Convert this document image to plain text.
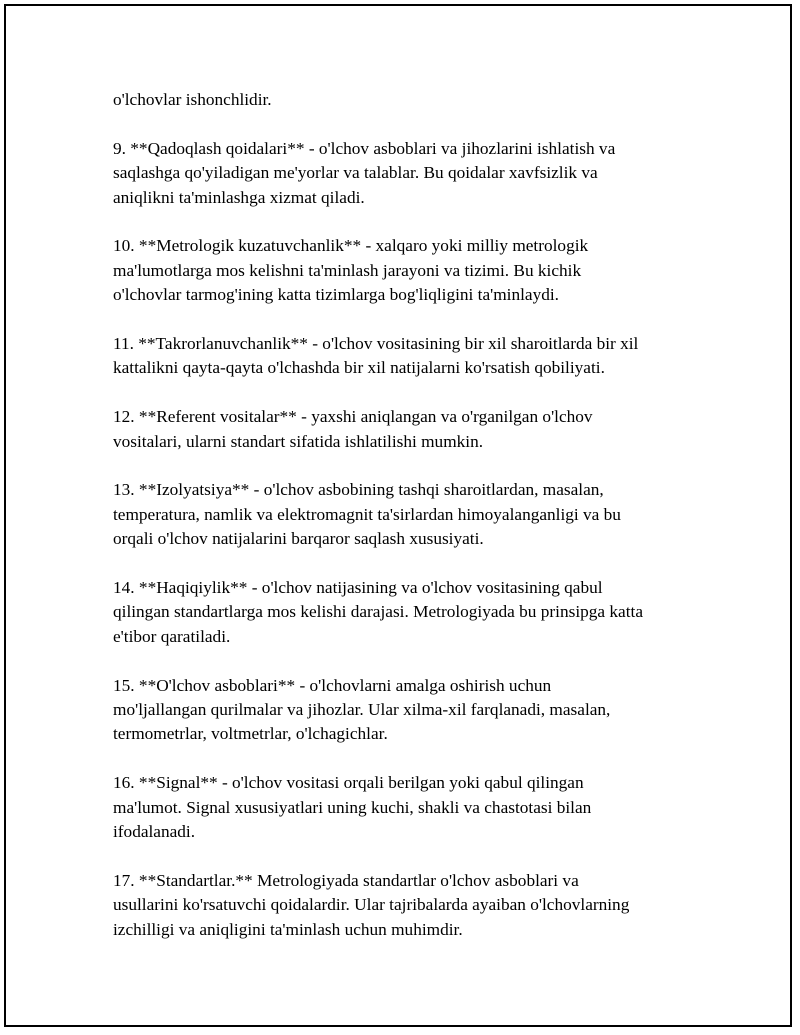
o'lchovlar ishonchlidir.

9. **Qadoqlash qoidalari** - o'lchov asboblari va jihozlarini ishlatish va
saqlashga qo'yiladigan me'yorlar va talablar. Bu qoidalar xavfsizlik va
aniqlikni ta'minlashga xizmat qiladi.

10. **Metrologik kuzatuvchanlik** - xalqaro yoki milliy metrologik
ma'lumotlarga mos kelishni ta'minlash jarayoni va tizimi. Bu kichik
o'lchovlar tarmog'ining katta tizimlarga bog'liqligini ta'minlaydi.

11. **Takrorlanuvchanlik** - o'lchov vositasining bir xil sharoitlarda bir xil
kattalikni qayta-qayta o'lchashda bir xil natijalarni ko'rsatish qobiliyati.

12. **Referent vositalar** - yaxshi aniqlangan va o'rganilgan o'lchov
vositalari, ularni standart sifatida ishlatilishi mumkin.

13. **Izolyatsiya** - o'lchov asbobining tashqi sharoitlardan, masalan,
temperatura, namlik va elektromagnit ta'sirlardan himoyalanganligi va bu
orqali o'lchov natijalarini barqaror saqlash xususiyati.

14. **Haqiqiylik** - o'lchov natijasining va o'lchov vositasining qabul
qilingan standartlarga mos kelishi darajasi. Metrologiyada bu prinsipga katta
e'tibor qaratiladi.

15. **O'lchov asboblari** - o'lchovlarni amalga oshirish uchun
mo'ljallangan qurilmalar va jihozlar. Ular xilma-xil farqlanadi, masalan,
termometrlar, voltmetrlar, o'lchagichlar.

16. **Signal** - o'lchov vositasi orqali berilgan yoki qabul qilingan
ma'lumot. Signal xususiyatlari uning kuchi, shakli va chastotasi bilan
ifodalanadi.

17. **Standartlar.** Metrologiyada standartlar o'lchov asboblari va
usullarini ko'rsatuvchi qoidalardir. Ular tajribalarda ayaiban o'lchovlarning
izchilligi va aniqligini ta'minlash uchun muhimdir.
